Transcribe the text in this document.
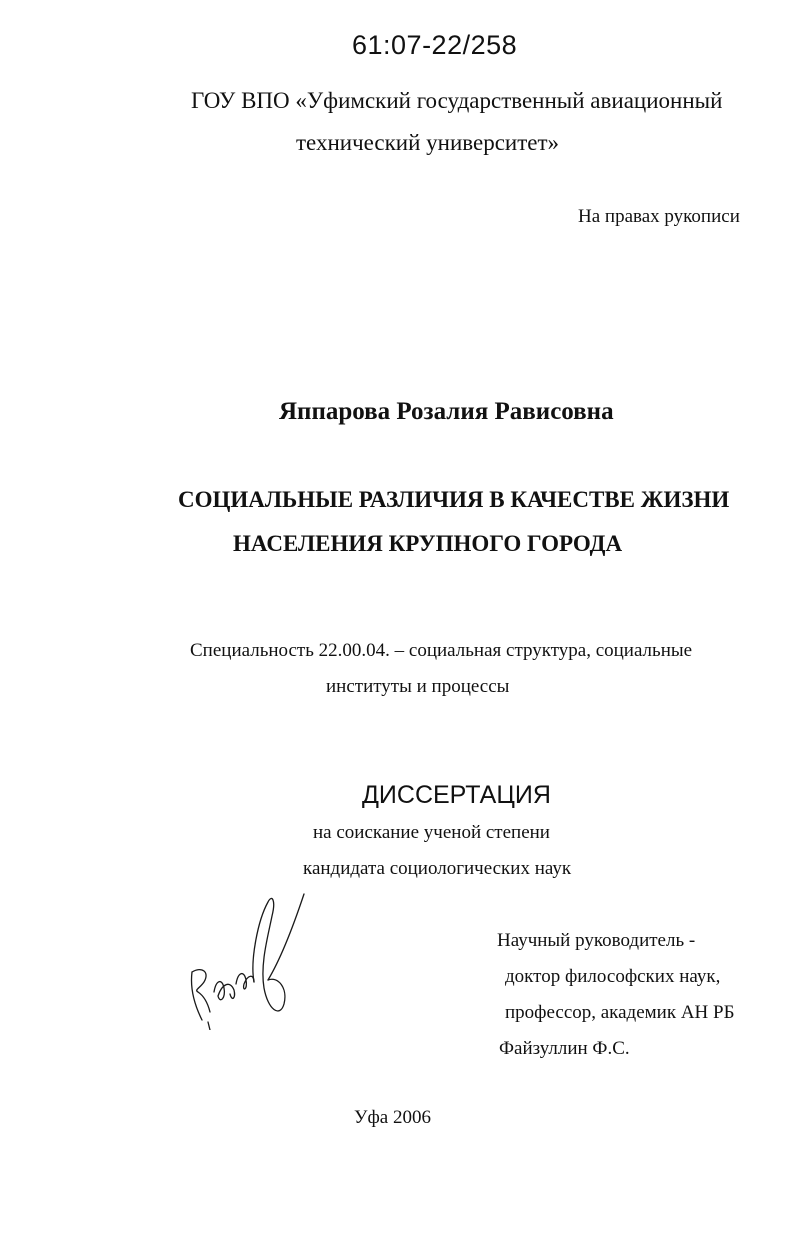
61:07-22/258

ГОУ ВПО «Уфимский государственный авиационный

технический университет»

На правах рукописи

Яппарова Розалия Рависовна

СОЦИАЛЬНЫЕ РАЗЛИЧИЯ В КАЧЕСТВЕ ЖИЗНИ

НАСЕЛЕНИЯ КРУПНОГО ГОРОДА

Специальность 22.00.04. – социальная структура, социальные

институты и процессы

ДИССЕРТАЦИЯ

на соискание ученой степени

кандидата социологических наук

Научный руководитель -

доктор философских наук,

профессор, академик АН РБ

Файзуллин Ф.С.

Уфа 2006
